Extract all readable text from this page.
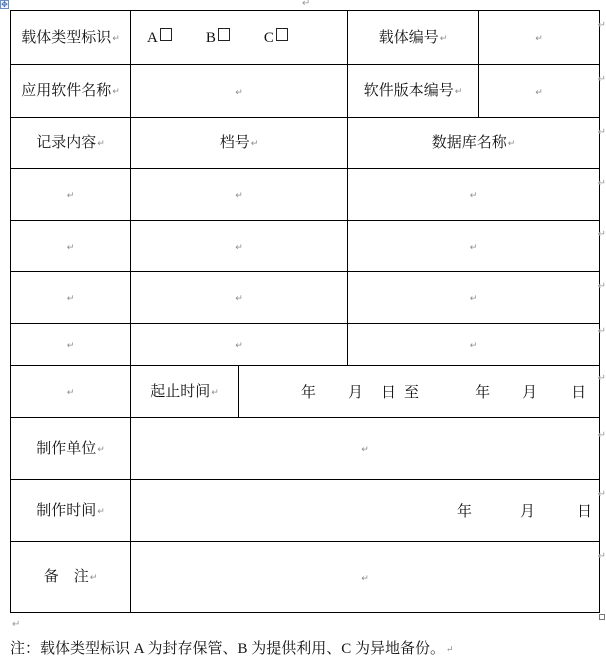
✥	↵
载体类型标识↵	A B C		载体编号↵	↵
应用软件名称↵	↵		软件版本编号↵	↵
记录内容↵	档号↵		数据库名称↵	
↵	↵		↵	
↵	↵		↵	
↵	↵		↵	
↵	↵		↵	
↵	起止时间↵	年 月 日 至 年 月 日		
制作单位↵	↵			
制作时间↵	年 月 日			
备　注↵	↵			
↵
↵
↵
↵
↵
↵
↵
↵
↵
↵
↵
↵
注：载体类型标识 A 为封存保管、B 为提供利用、C 为异地备份。↵
